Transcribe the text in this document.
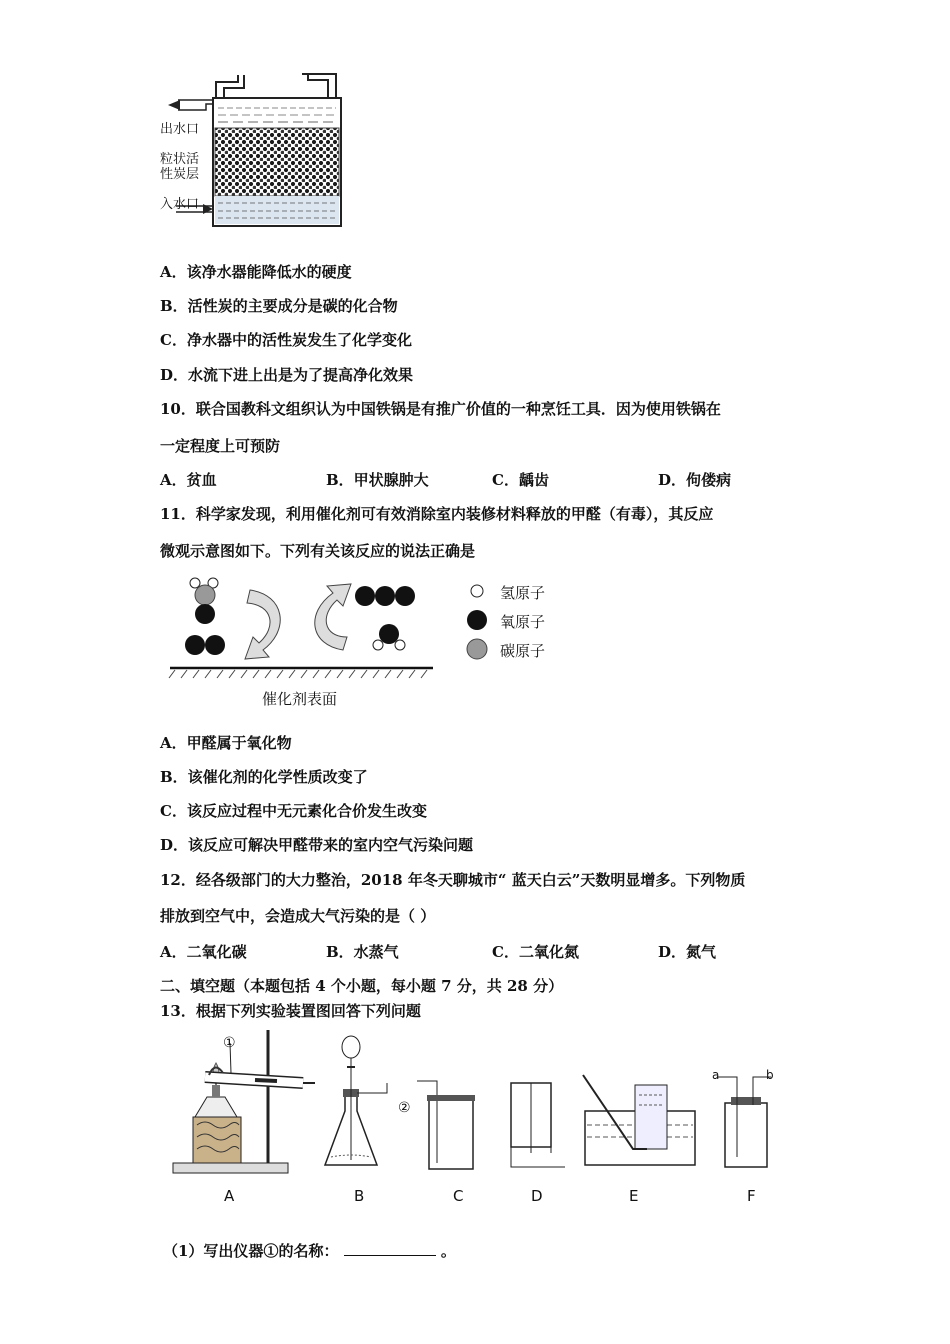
出水口
粒状活
性炭层
入水口
A．该净水器能降低水的硬度
B．活性炭的主要成分是碳的化合物
C．净水器中的活性炭发生了化学变化
D．水流下进上出是为了提高净化效果
10．联合国教科文组织认为中国铁锅是有推广价值的一种烹饪工具．因为使用铁锅在
一定程度上可预防
A．贫血	B．甲状腺肿大	C．龋齿	D．佝偻病
11．科学家发现，利用催化剂可有效消除室内装修材料释放的甲醛（有毒），其反应
微观示意图如下。下列有关该反应的说法正确是
催化剂表面
氢原子
氧原子
碳原子
A．甲醛属于氧化物
B．该催化剂的化学性质改变了
C．该反应过程中无元素化合价发生改变
D．该反应可解决甲醛带来的室内空气污染问题
12．经各级部门的大力整治，2018 年冬天聊城市“ 蓝天白云”天数明显增多。下列物质
排放到空气中，会造成大气污染的是（ ）
A．二氧化碳	B．水蒸气	C．二氧化氮	D．氮气
二、填空题（本题包括 4 个小题，每小题 7 分，共 28 分）
13．根据下列实验装置图回答下列问题
①
②
a	b
A	B	C	D	E	F
（1）写出仪器①的名称：	。
